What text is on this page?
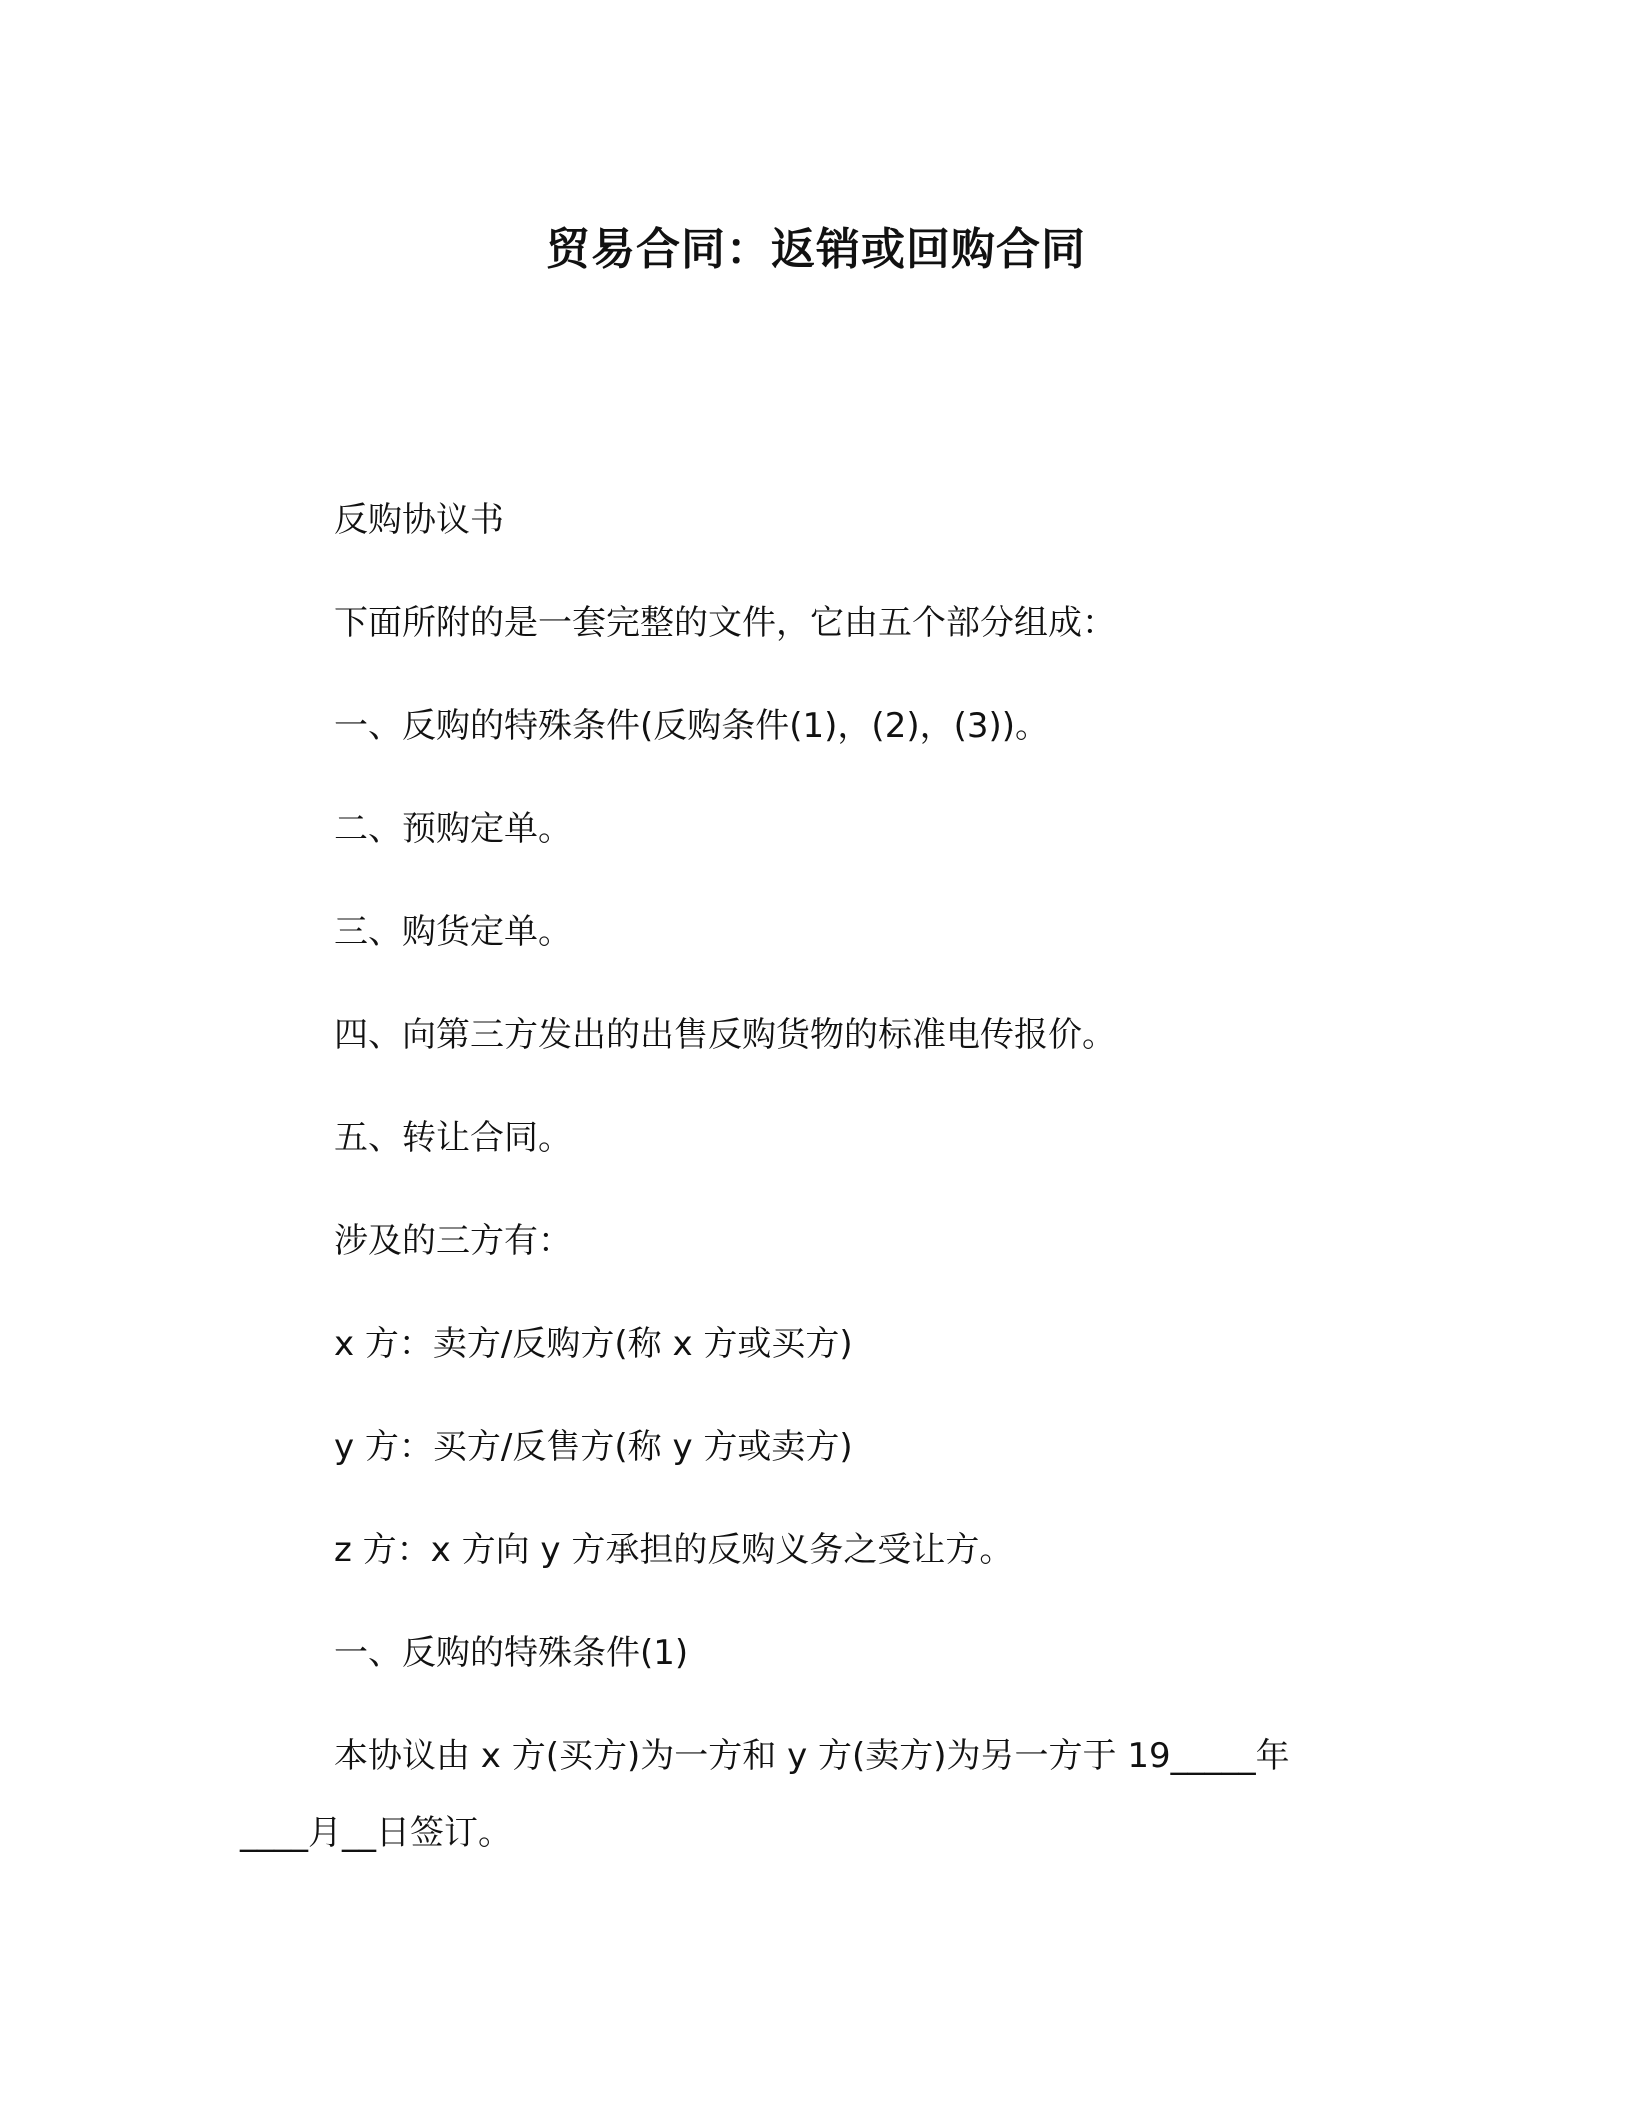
贸易合同：返销或回购合同
反购协议书
下面所附的是一套完整的文件，它由五个部分组成：
一、反购的特殊条件(反购条件(1)，(2)，(3))。
二、预购定单。
三、购货定单。
四、向第三方发出的出售反购货物的标准电传报价。
五、转让合同。
涉及的三方有：
x 方：卖方/反购方(称 x 方或买方)
y 方：买方/反售方(称 y 方或卖方)
z 方：x 方向 y 方承担的反购义务之受让方。
一、反购的特殊条件(1)
本协议由 x 方(买方)为一方和 y 方(卖方)为另一方于 19_____年
____月__日签订。
